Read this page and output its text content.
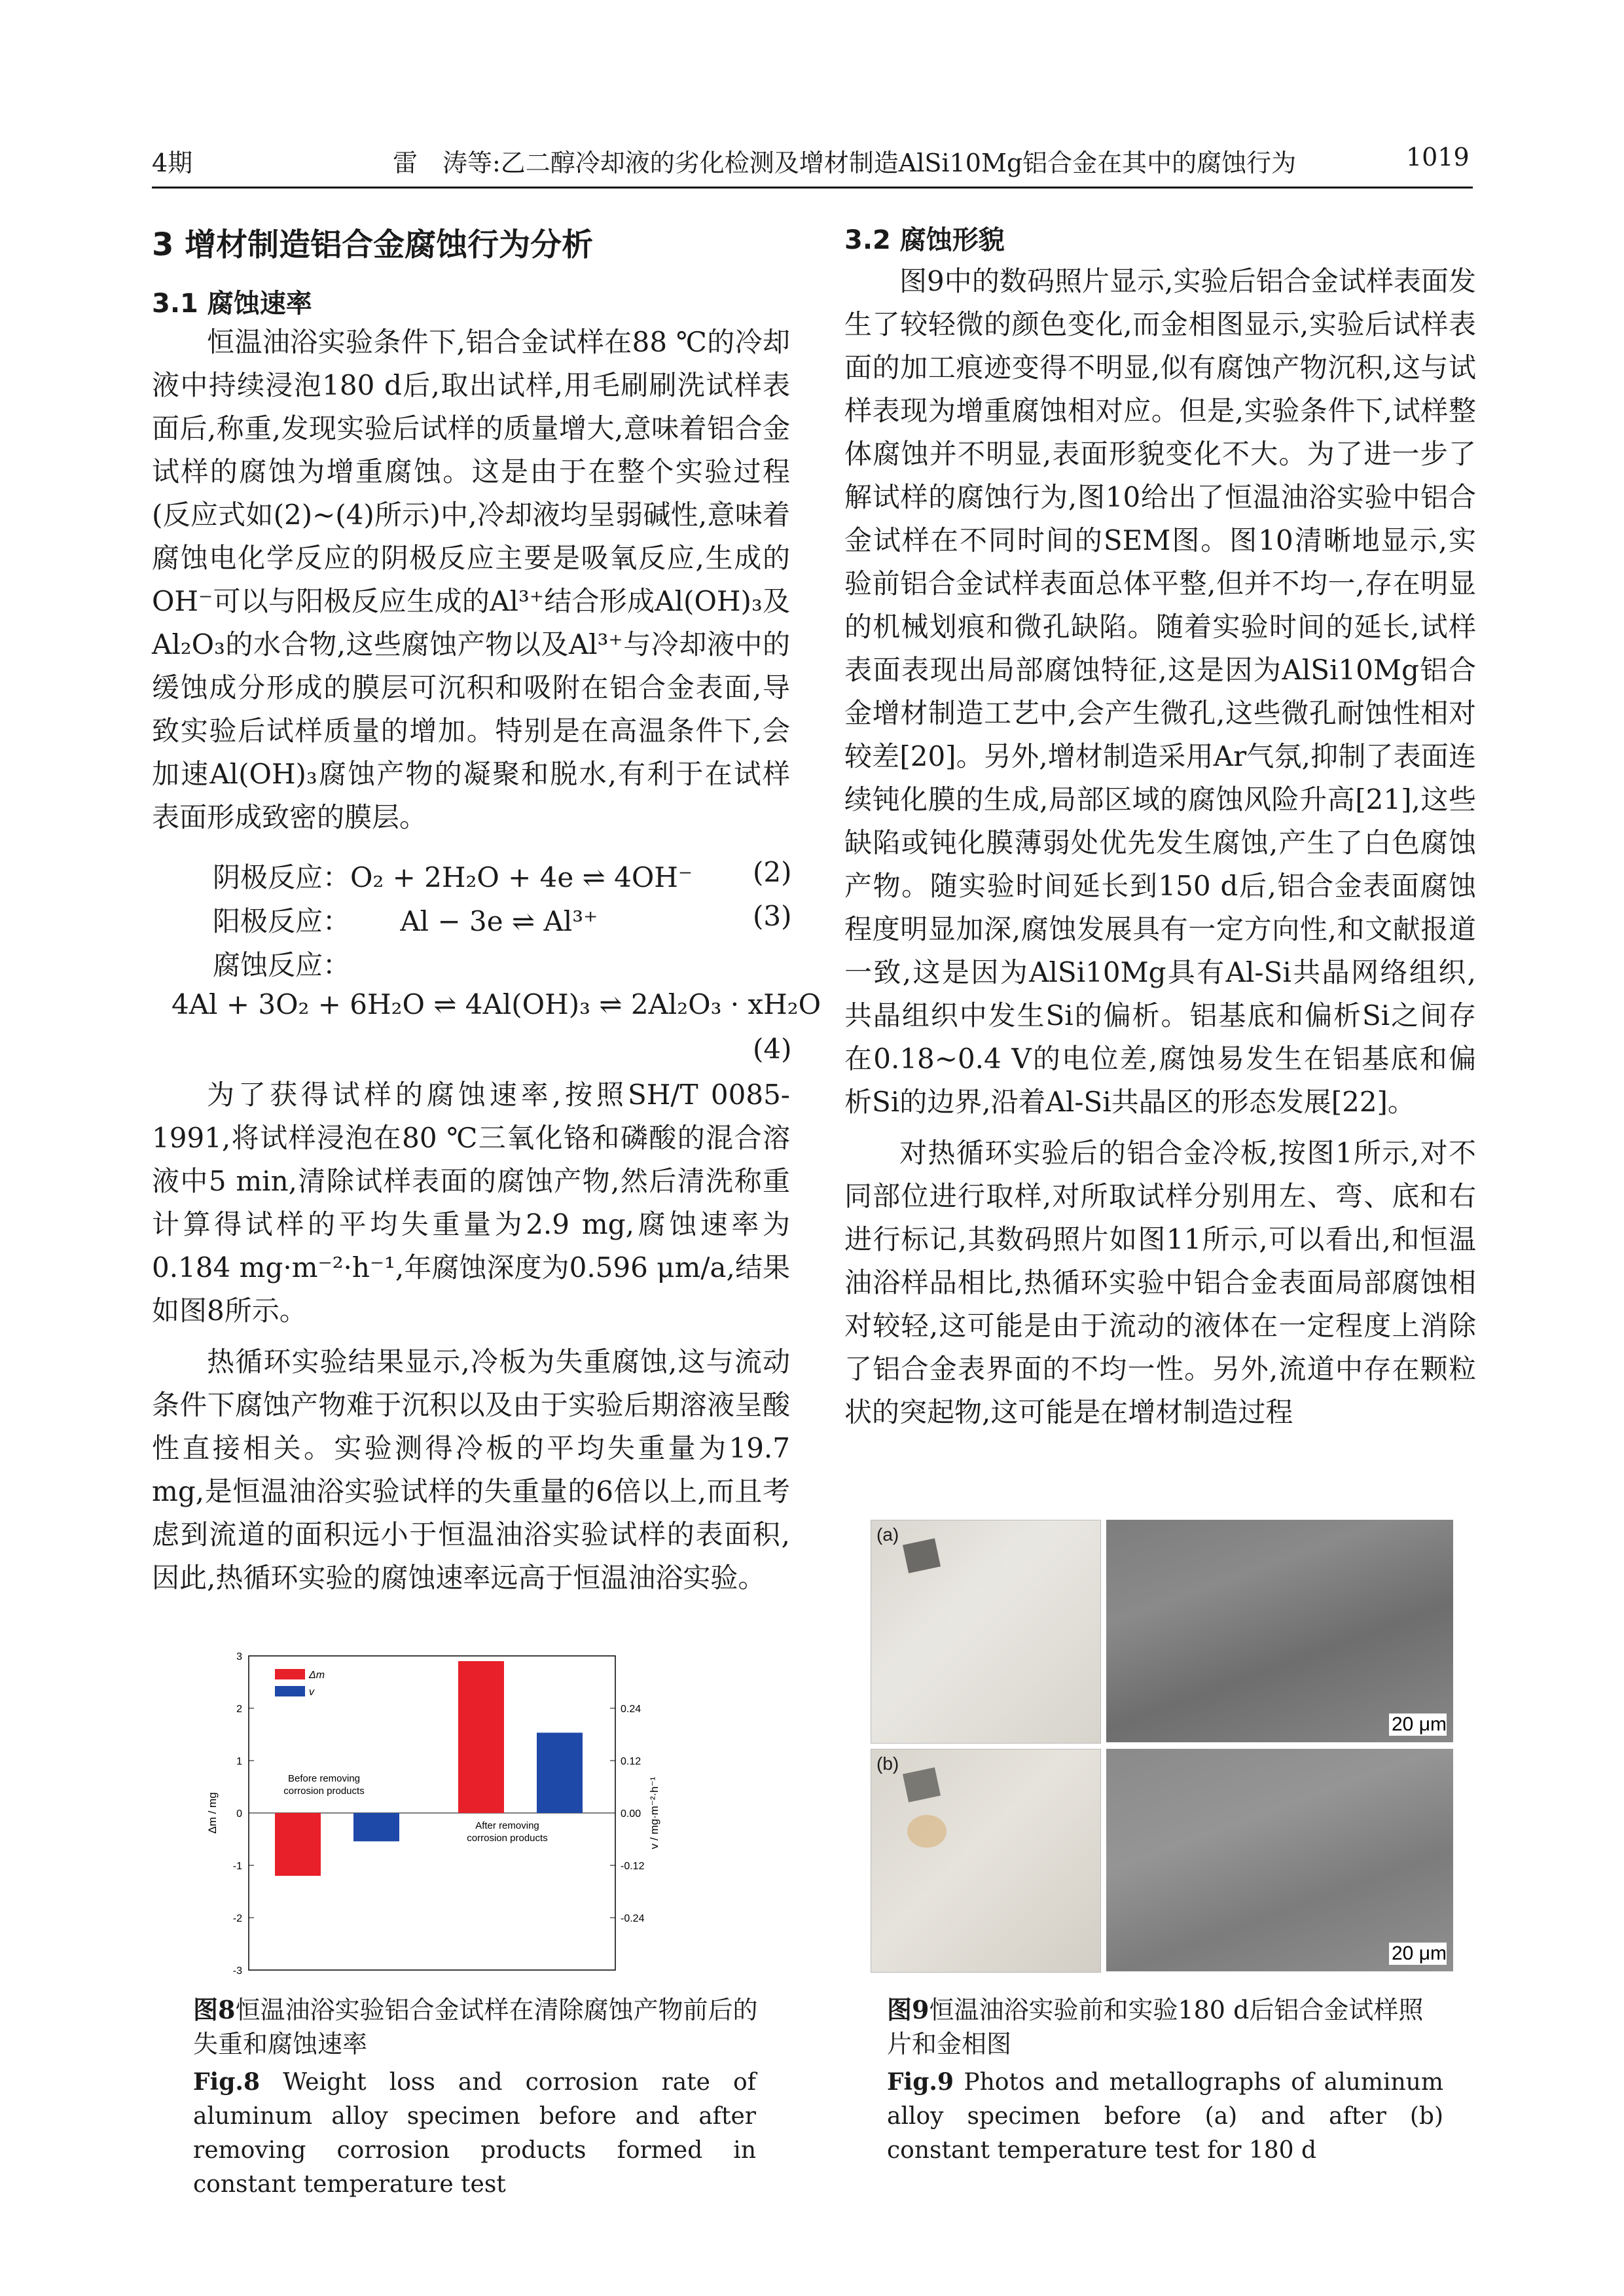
4期	雷　涛等:乙二醇冷却液的劣化检测及增材制造AlSi10Mg铝合金在其中的腐蚀行为	1019
3 增材制造铝合金腐蚀行为分析
3.1 腐蚀速率

恒温油浴实验条件下,铝合金试样在88 ℃的冷却液中持续浸泡180 d后,取出试样,用毛刷刷洗试样表面后,称重,发现实验后试样的质量增大,意味着铝合金试样的腐蚀为增重腐蚀。这是由于在整个实验过程(反应式如(2)~(4)所示)中,冷却液均呈弱碱性,意味着腐蚀电化学反应的阴极反应主要是吸氧反应,生成的OH⁻可以与阳极反应生成的Al³⁺结合形成Al(OH)₃及Al₂O₃的水合物,这些腐蚀产物以及Al³⁺与冷却液中的缓蚀成分形成的膜层可沉积和吸附在铝合金表面,导致实验后试样质量的增加。特别是在高温条件下,会加速Al(OH)₃腐蚀产物的凝聚和脱水,有利于在试样表面形成致密的膜层。

阴极反应：O₂ + 2H₂O + 4e ⇌ 4OH⁻ (2)
阳极反应：　　 Al − 3e ⇌ Al³⁺	(3)
腐蚀反应：
4Al + 3O₂ + 6H₂O ⇌ 4Al(OH)₃ ⇌ 2Al₂O₃ · xH₂O
(4)

为了获得试样的腐蚀速率,按照SH/T 0085-1991,将试样浸泡在80 ℃三氧化铬和磷酸的混合溶液中5 min,清除试样表面的腐蚀产物,然后清洗称重计算得试样的平均失重量为2.9 mg,腐蚀速率为0.184 mg·m⁻²·h⁻¹,年腐蚀深度为0.596 μm/a,结果如图8所示。

热循环实验结果显示,冷板为失重腐蚀,这与流动条件下腐蚀产物难于沉积以及由于实验后期溶液呈酸性直接相关。实验测得冷板的平均失重量为19.7 mg,是恒温油浴实验试样的失重量的6倍以上,而且考虑到流道的面积远小于恒温油浴实验试样的表面积,因此,热循环实验的腐蚀速率远高于恒温油浴实验。

3
2
1
0
-1
-2
-3
0.24
0.12
0.00
-0.12
-0.24
Δm / mg	v / mg·m⁻²·h⁻¹
Before removing
corrosion products
After removing
corrosion products
Δm
v
图8恒温油浴实验铝合金试样在清除腐蚀产物前后的失重和腐蚀速率
Fig.8 Weight loss and corrosion rate of aluminum alloy specimen before and after removing corrosion products formed in constant temperature test
3.2 腐蚀形貌

图9中的数码照片显示,实验后铝合金试样表面发生了较轻微的颜色变化,而金相图显示,实验后试样表面的加工痕迹变得不明显,似有腐蚀产物沉积,这与试样表现为增重腐蚀相对应。但是,实验条件下,试样整体腐蚀并不明显,表面形貌变化不大。为了进一步了解试样的腐蚀行为,图10给出了恒温油浴实验中铝合金试样在不同时间的SEM图。图10清晰地显示,实验前铝合金试样表面总体平整,但并不均一,存在明显的机械划痕和微孔缺陷。随着实验时间的延长,试样表面表现出局部腐蚀特征,这是因为AlSi10Mg铝合金增材制造工艺中,会产生微孔,这些微孔耐蚀性相对较差[20]。另外,增材制造采用Ar气氛,抑制了表面连续钝化膜的生成,局部区域的腐蚀风险升高[21],这些缺陷或钝化膜薄弱处优先发生腐蚀,产生了白色腐蚀产物。随实验时间延长到150 d后,铝合金表面腐蚀程度明显加深,腐蚀发展具有一定方向性,和文献报道一致,这是因为AlSi10Mg具有Al-Si共晶网络组织,共晶组织中发生Si的偏析。铝基底和偏析Si之间存在0.18~0.4 V的电位差,腐蚀易发生在铝基底和偏析Si的边界,沿着Al-Si共晶区的形态发展[22]。

对热循环实验后的铝合金冷板,按图1所示,对不同部位进行取样,对所取试样分别用左、弯、底和右进行标记,其数码照片如图11所示,可以看出,和恒温油浴样品相比,热循环实验中铝合金表面局部腐蚀相对较轻,这可能是由于流动的液体在一定程度上消除了铝合金表界面的不均一性。另外,流道中存在颗粒状的突起物,这可能是在增材制造过程

(a)
20 μm
(b)
20 μm
图9恒温油浴实验前和实验180 d后铝合金试样照片和金相图
Fig.9 Photos and metallographs of aluminum alloy specimen before (a) and after (b) constant temperature test for 180 d
